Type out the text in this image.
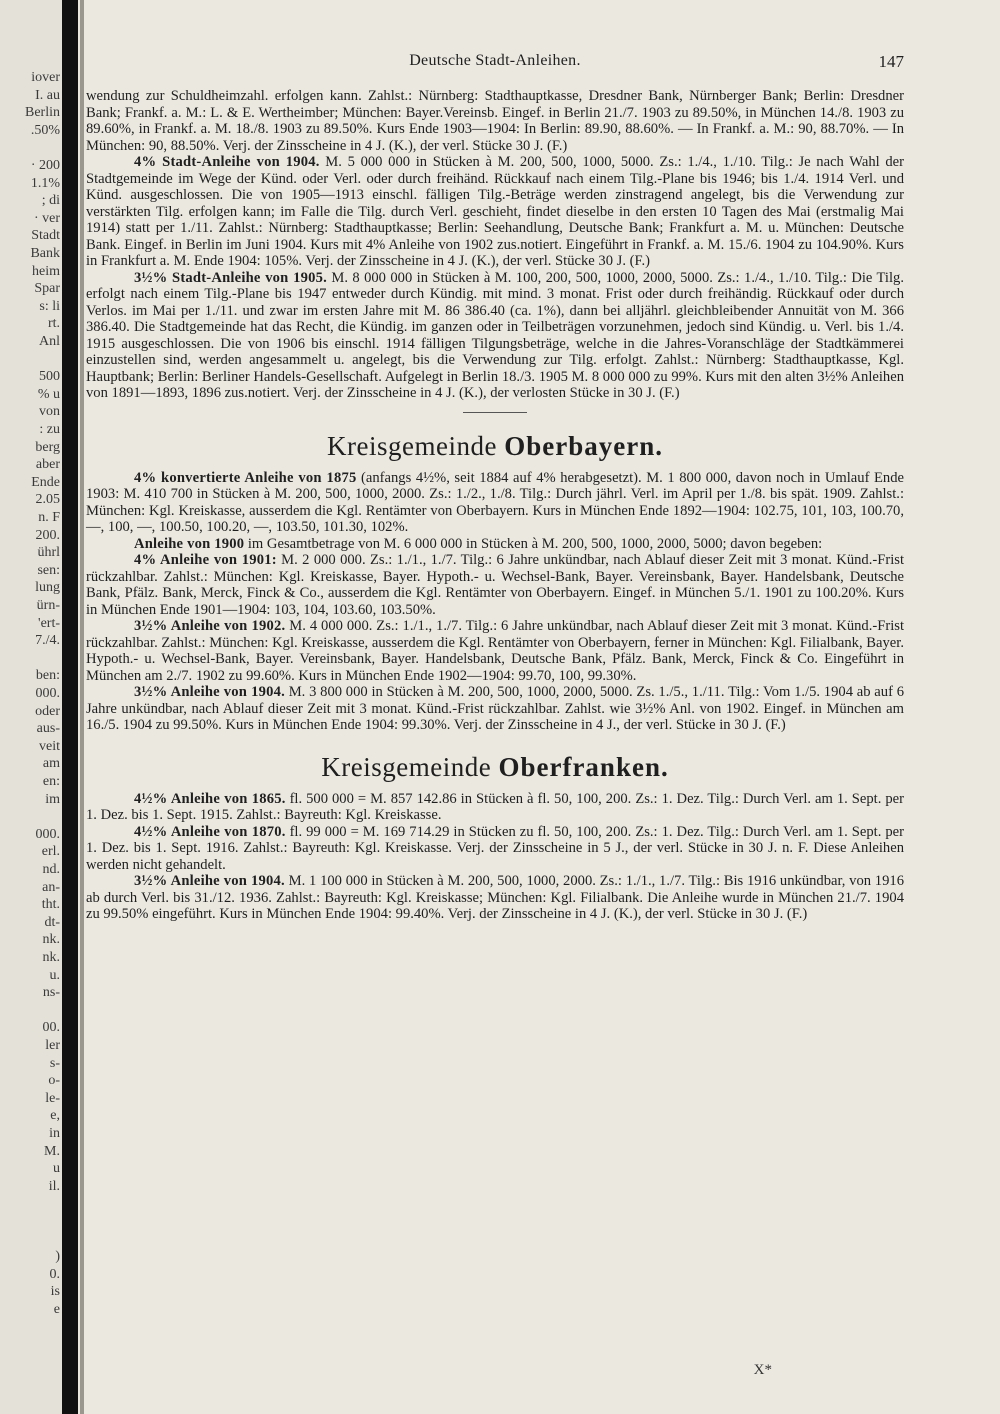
iover
I. au
Berlin
.50%
· 200
1.1%
; di
· ver
Stadt
Bank
heim
Spar
s: li
rt.
Anl
500
% u
von
: zu
berg
aber
Ende
2.05
n. F
200.
ührl
sen:
lung
ürn-
'ert-
7./4.
ben:
000.
oder
aus-
veit
am
en:
im
000.
erl.
nd.
an-
tht.
dt-
nk.
nk.
u.
ns-
00.
ler
s-
o-
le-
e,
in
M.
u
il.
)
0.
is
e
Deutsche Stadt-Anleihen.	147

wendung zur Schuldheimzahl. erfolgen kann. Zahlst.: Nürnberg: Stadthauptkasse, Dresdner Bank, Nürnberger Bank; Berlin: Dresdner Bank; Frankf. a. M.: L. & E. Wertheimber; München: Bayer.Vereinsb. Eingef. in Berlin 21./7. 1903 zu 89.50%, in München 14./8. 1903 zu 89.60%, in Frankf. a. M. 18./8. 1903 zu 89.50%. Kurs Ende 1903—1904: In Berlin: 89.90, 88.60%. — In Frankf. a. M.: 90, 88.70%. — In München: 90, 88.50%. Verj. der Zinsscheine in 4 J. (K.), der verl. Stücke 30 J. (F.)

4% Stadt-Anleihe von 1904. M. 5 000 000 in Stücken à M. 200, 500, 1000, 5000. Zs.: 1./4., 1./10. Tilg.: Je nach Wahl der Stadtgemeinde im Wege der Künd. oder Verl. oder durch freihänd. Rückkauf nach einem Tilg.-Plane bis 1946; bis 1./4. 1914 Verl. und Künd. ausgeschlossen. Die von 1905—1913 einschl. fälligen Tilg.-Beträge werden zinstragend angelegt, bis die Verwendung zur verstärkten Tilg. erfolgen kann; im Falle die Tilg. durch Verl. geschieht, findet dieselbe in den ersten 10 Tagen des Mai (erstmalig Mai 1914) statt per 1./11. Zahlst.: Nürnberg: Stadthauptkasse; Berlin: Seehandlung, Deutsche Bank; Frankfurt a. M. u. München: Deutsche Bank. Eingef. in Berlin im Juni 1904. Kurs mit 4% Anleihe von 1902 zus.notiert. Eingeführt in Frankf. a. M. 15./6. 1904 zu 104.90%. Kurs in Frankfurt a. M. Ende 1904: 105%. Verj. der Zinsscheine in 4 J. (K.), der verl. Stücke 30 J. (F.)

3½% Stadt-Anleihe von 1905. M. 8 000 000 in Stücken à M. 100, 200, 500, 1000, 2000, 5000. Zs.: 1./4., 1./10. Tilg.: Die Tilg. erfolgt nach einem Tilg.-Plane bis 1947 entweder durch Kündig. mit mind. 3 monat. Frist oder durch freihändig. Rückkauf oder durch Verlos. im Mai per 1./11. und zwar im ersten Jahre mit M. 86 386.40 (ca. 1%), dann bei alljährl. gleichbleibender Annuität von M. 366 386.40. Die Stadtgemeinde hat das Recht, die Kündig. im ganzen oder in Teilbeträgen vorzunehmen, jedoch sind Kündig. u. Verl. bis 1./4. 1915 ausgeschlossen. Die von 1906 bis einschl. 1914 fälligen Tilgungsbeträge, welche in die Jahres-Voranschläge der Stadtkämmerei einzustellen sind, werden angesammelt u. angelegt, bis die Verwendung zur Tilg. erfolgt. Zahlst.: Nürnberg: Stadthauptkasse, Kgl. Hauptbank; Berlin: Berliner Handels-Gesellschaft. Aufgelegt in Berlin 18./3. 1905 M. 8 000 000 zu 99%. Kurs mit den alten 3½% Anleihen von 1891—1893, 1896 zus.notiert. Verj. der Zinsscheine in 4 J. (K.), der verlosten Stücke in 30 J. (F.)

Kreisgemeinde Oberbayern.

4% konvertierte Anleihe von 1875 (anfangs 4½%, seit 1884 auf 4% herabgesetzt). M. 1 800 000, davon noch in Umlauf Ende 1903: M. 410 700 in Stücken à M. 200, 500, 1000, 2000. Zs.: 1./2., 1./8. Tilg.: Durch jährl. Verl. im April per 1./8. bis spät. 1909. Zahlst.: München: Kgl. Kreiskasse, ausserdem die Kgl. Rentämter von Oberbayern. Kurs in München Ende 1892—1904: 102.75, 101, 103, 100.70, —, 100, —, 100.50, 100.20, —, 103.50, 101.30, 102%.

Anleihe von 1900 im Gesamtbetrage von M. 6 000 000 in Stücken à M. 200, 500, 1000, 2000, 5000; davon begeben:

4% Anleihe von 1901: M. 2 000 000. Zs.: 1./1., 1./7. Tilg.: 6 Jahre unkündbar, nach Ablauf dieser Zeit mit 3 monat. Künd.-Frist rückzahlbar. Zahlst.: München: Kgl. Kreiskasse, Bayer. Hypoth.- u. Wechsel-Bank, Bayer. Vereinsbank, Bayer. Handelsbank, Deutsche Bank, Pfälz. Bank, Merck, Finck & Co., ausserdem die Kgl. Rentämter von Oberbayern. Eingef. in München 5./1. 1901 zu 100.20%. Kurs in München Ende 1901—1904: 103, 104, 103.60, 103.50%.

3½% Anleihe von 1902. M. 4 000 000. Zs.: 1./1., 1./7. Tilg.: 6 Jahre unkündbar, nach Ablauf dieser Zeit mit 3 monat. Künd.-Frist rückzahlbar. Zahlst.: München: Kgl. Kreiskasse, ausserdem die Kgl. Rentämter von Oberbayern, ferner in München: Kgl. Filialbank, Bayer. Hypoth.- u. Wechsel-Bank, Bayer. Vereinsbank, Bayer. Handelsbank, Deutsche Bank, Pfälz. Bank, Merck, Finck & Co. Eingeführt in München am 2./7. 1902 zu 99.60%. Kurs in München Ende 1902—1904: 99.70, 100, 99.30%.

3½% Anleihe von 1904. M. 3 800 000 in Stücken à M. 200, 500, 1000, 2000, 5000. Zs. 1./5., 1./11. Tilg.: Vom 1./5. 1904 ab auf 6 Jahre unkündbar, nach Ablauf dieser Zeit mit 3 monat. Künd.-Frist rückzahlbar. Zahlst. wie 3½% Anl. von 1902. Eingef. in München am 16./5. 1904 zu 99.50%. Kurs in München Ende 1904: 99.30%. Verj. der Zinsscheine in 4 J., der verl. Stücke in 30 J. (F.)

Kreisgemeinde Oberfranken.

4½% Anleihe von 1865. fl. 500 000 = M. 857 142.86 in Stücken à fl. 50, 100, 200. Zs.: 1. Dez. Tilg.: Durch Verl. am 1. Sept. per 1. Dez. bis 1. Sept. 1915. Zahlst.: Bayreuth: Kgl. Kreiskasse.

4½% Anleihe von 1870. fl. 99 000 = M. 169 714.29 in Stücken zu fl. 50, 100, 200. Zs.: 1. Dez. Tilg.: Durch Verl. am 1. Sept. per 1. Dez. bis 1. Sept. 1916. Zahlst.: Bayreuth: Kgl. Kreiskasse. Verj. der Zinsscheine in 5 J., der verl. Stücke in 30 J. n. F. Diese Anleihen werden nicht gehandelt.

3½% Anleihe von 1904. M. 1 100 000 in Stücken à M. 200, 500, 1000, 2000. Zs.: 1./1., 1./7. Tilg.: Bis 1916 unkündbar, von 1916 ab durch Verl. bis 31./12. 1936. Zahlst.: Bayreuth: Kgl. Kreiskasse; München: Kgl. Filialbank. Die Anleihe wurde in München 21./7. 1904 zu 99.50% eingeführt. Kurs in München Ende 1904: 99.40%. Verj. der Zinsscheine in 4 J. (K.), der verl. Stücke in 30 J. (F.)

X*
